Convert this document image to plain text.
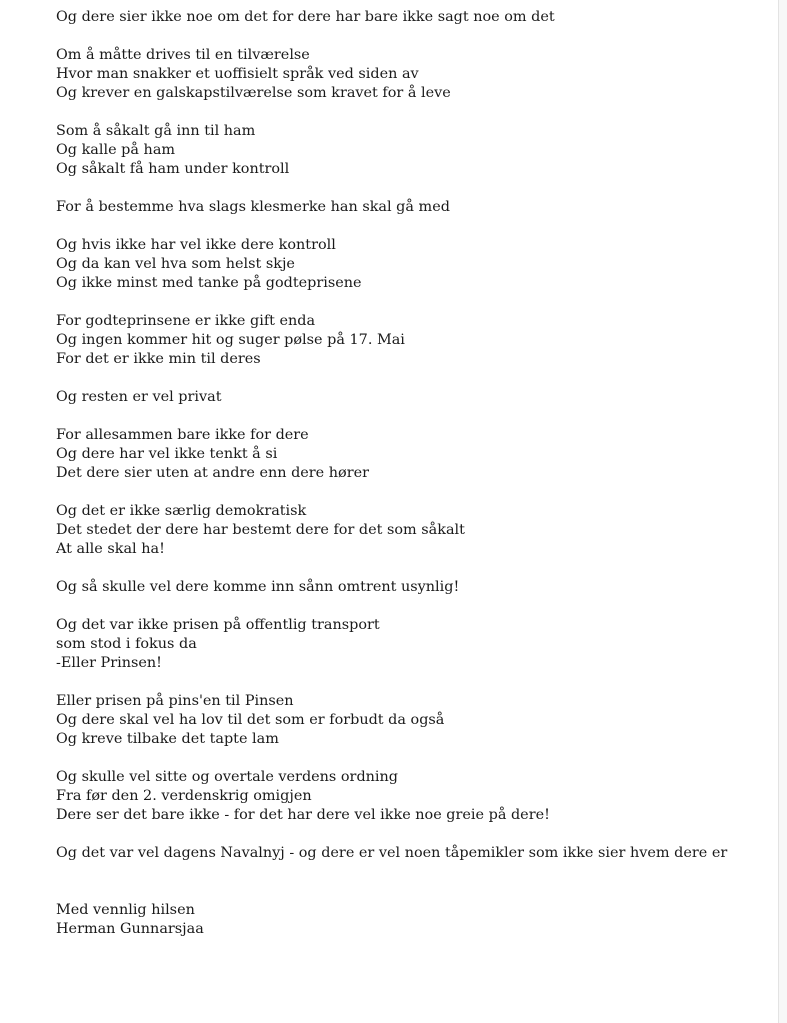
Og dere sier ikke noe om det for dere har bare ikke sagt noe om det
Om å måtte drives til en tilværelse
Hvor man snakker et uoffisielt språk ved siden av
Og krever en galskapstilværelse som kravet for å leve
Som å såkalt gå inn til ham
Og kalle på ham
Og såkalt få ham under kontroll
For å bestemme hva slags klesmerke han skal gå med
Og hvis ikke har vel ikke dere kontroll
Og da kan vel hva som helst skje
Og ikke minst med tanke på godteprisene
For godteprinsene er ikke gift enda
Og ingen kommer hit og suger pølse på 17. Mai
For det er ikke min til deres
Og resten er vel privat
For allesammen bare ikke for dere
Og dere har vel ikke tenkt å si
Det dere sier uten at andre enn dere hører
Og det er ikke særlig demokratisk
Det stedet der dere har bestemt dere for det som såkalt
At alle skal ha!
Og så skulle vel dere komme inn sånn omtrent usynlig!
Og det var ikke prisen på offentlig transport
som stod i fokus da
-Eller Prinsen!
Eller prisen på pins'en til Pinsen
Og dere skal vel ha lov til det som er forbudt da også
Og kreve tilbake det tapte lam
Og skulle vel sitte og overtale verdens ordning
Fra før den 2. verdenskrig omigjen
Dere ser det bare ikke - for det har dere vel ikke noe greie på dere!
Og det var vel dagens Navalnyj - og dere er vel noen tåpemikler som ikke sier hvem dere er
Med vennlig hilsen
Herman Gunnarsjaa
